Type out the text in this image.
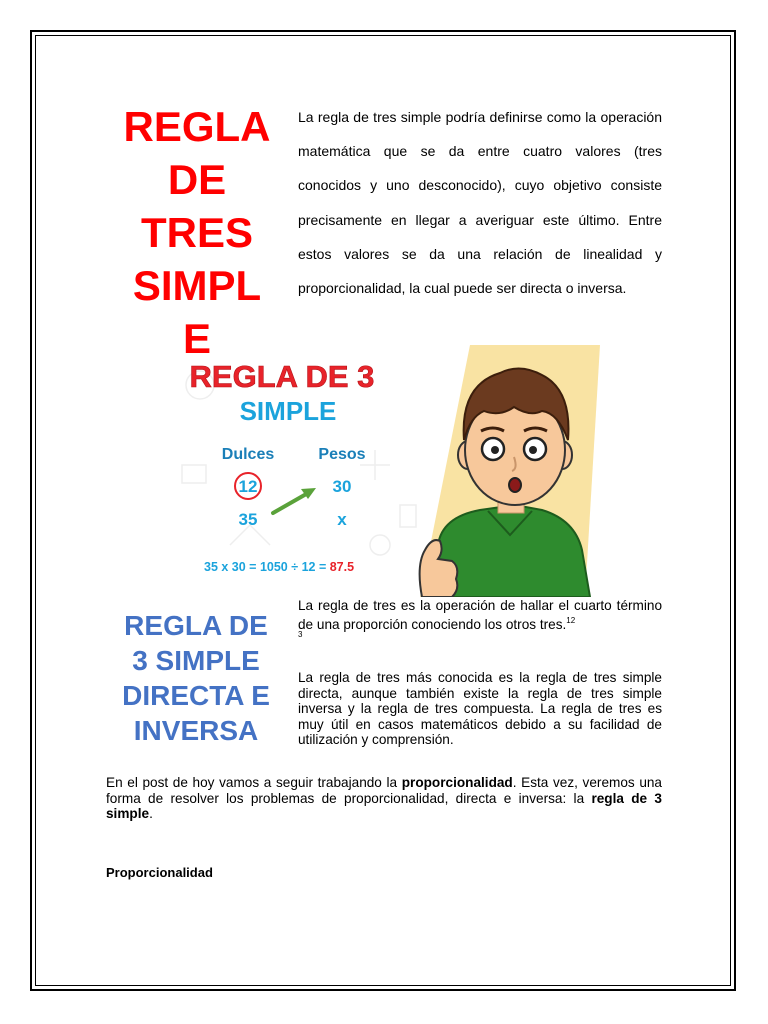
REGLA
DE
TRES
SIMPL
E

La regla de tres simple podría definirse como la operación matemática que se da entre cuatro valores (tres conocidos y uno desconocido), cuyo objetivo consiste precisamente en llegar a averiguar este último. Entre estos valores se da una relación de linealidad y proporcionalidad, la cual puede ser directa o inversa.

REGLA DE 3
SIMPLE
Dulces	Pesos
12	30
35	x
35 x 30 = 1050 ÷ 12 = 87.5
REGLA DE
3 SIMPLE
DIRECTA E
INVERSA

La regla de tres es la operación de hallar el cuarto término de una proporción conociendo los otros tres.$^{12}$

3

La regla de tres más conocida es la regla de tres simple directa, aunque también existe la regla de tres simple inversa y la regla de tres compuesta. La regla de tres es muy útil en casos matemáticos debido a su facilidad de utilización y comprensión.

En el post de hoy vamos a seguir trabajando la proporcionalidad. Esta vez, veremos una forma de resolver los problemas de proporcionalidad, directa e inversa: la regla de 3 simple.

Proporcionalidad
